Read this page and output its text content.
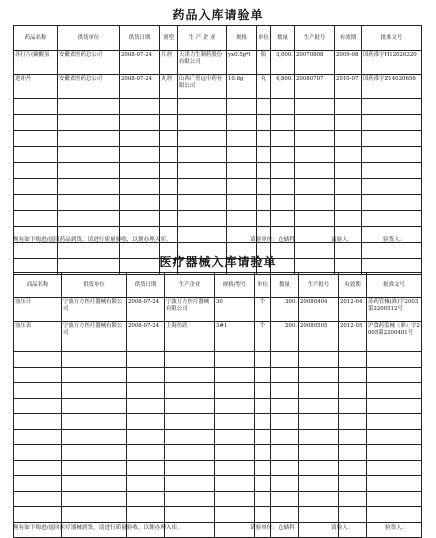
药品入库请验单
药品名称	供货单位	供货日期	剂型	生 产 企 业	规格	单位	数量	生产批号	有效期	批准文号
苏打片(碳酸氢	安徽省医药总公司	2008-07-24	片剂	天津力生制药股份有限公司	yx0.5g*l	瓶	3,000.	20070808	2009-08	国药准字H12020220
逆冲丹	安徽省医药总公司	2008-07-24	丸剂	山西广誉远中药有限公司	10.8g	丸	4,800.	20080707	2010-07	国药准字Z14020656

现有如下购进/退回药品到货，请进行质量验收，以便办理入库。	请验单位：仓储科	请验人：	验货人：
医疗器械入库请验单
商品名称	供货单位	供货日期	生产企业	规格/型号	单位	数量	生产批号	有效期	批准文号
血压计	宁波万方医疗器械有限公司	2008-07-24	宁波万方医疗器械有限公司	30	个	300.	20080404	2012-04	苏药管械(准)字2003第2200512号
血压表	宁波万方医疗器械有限公司	2008-07-24	上海鱼跃	3#1	个	200.	20080505	2012-05	沪食药监械（准）字2005第2200401号

现有如下购进/退回医疗器械到货，请进行质量验收，以便办理入库。	请验单位：仓储科	请验人：	验货人：
